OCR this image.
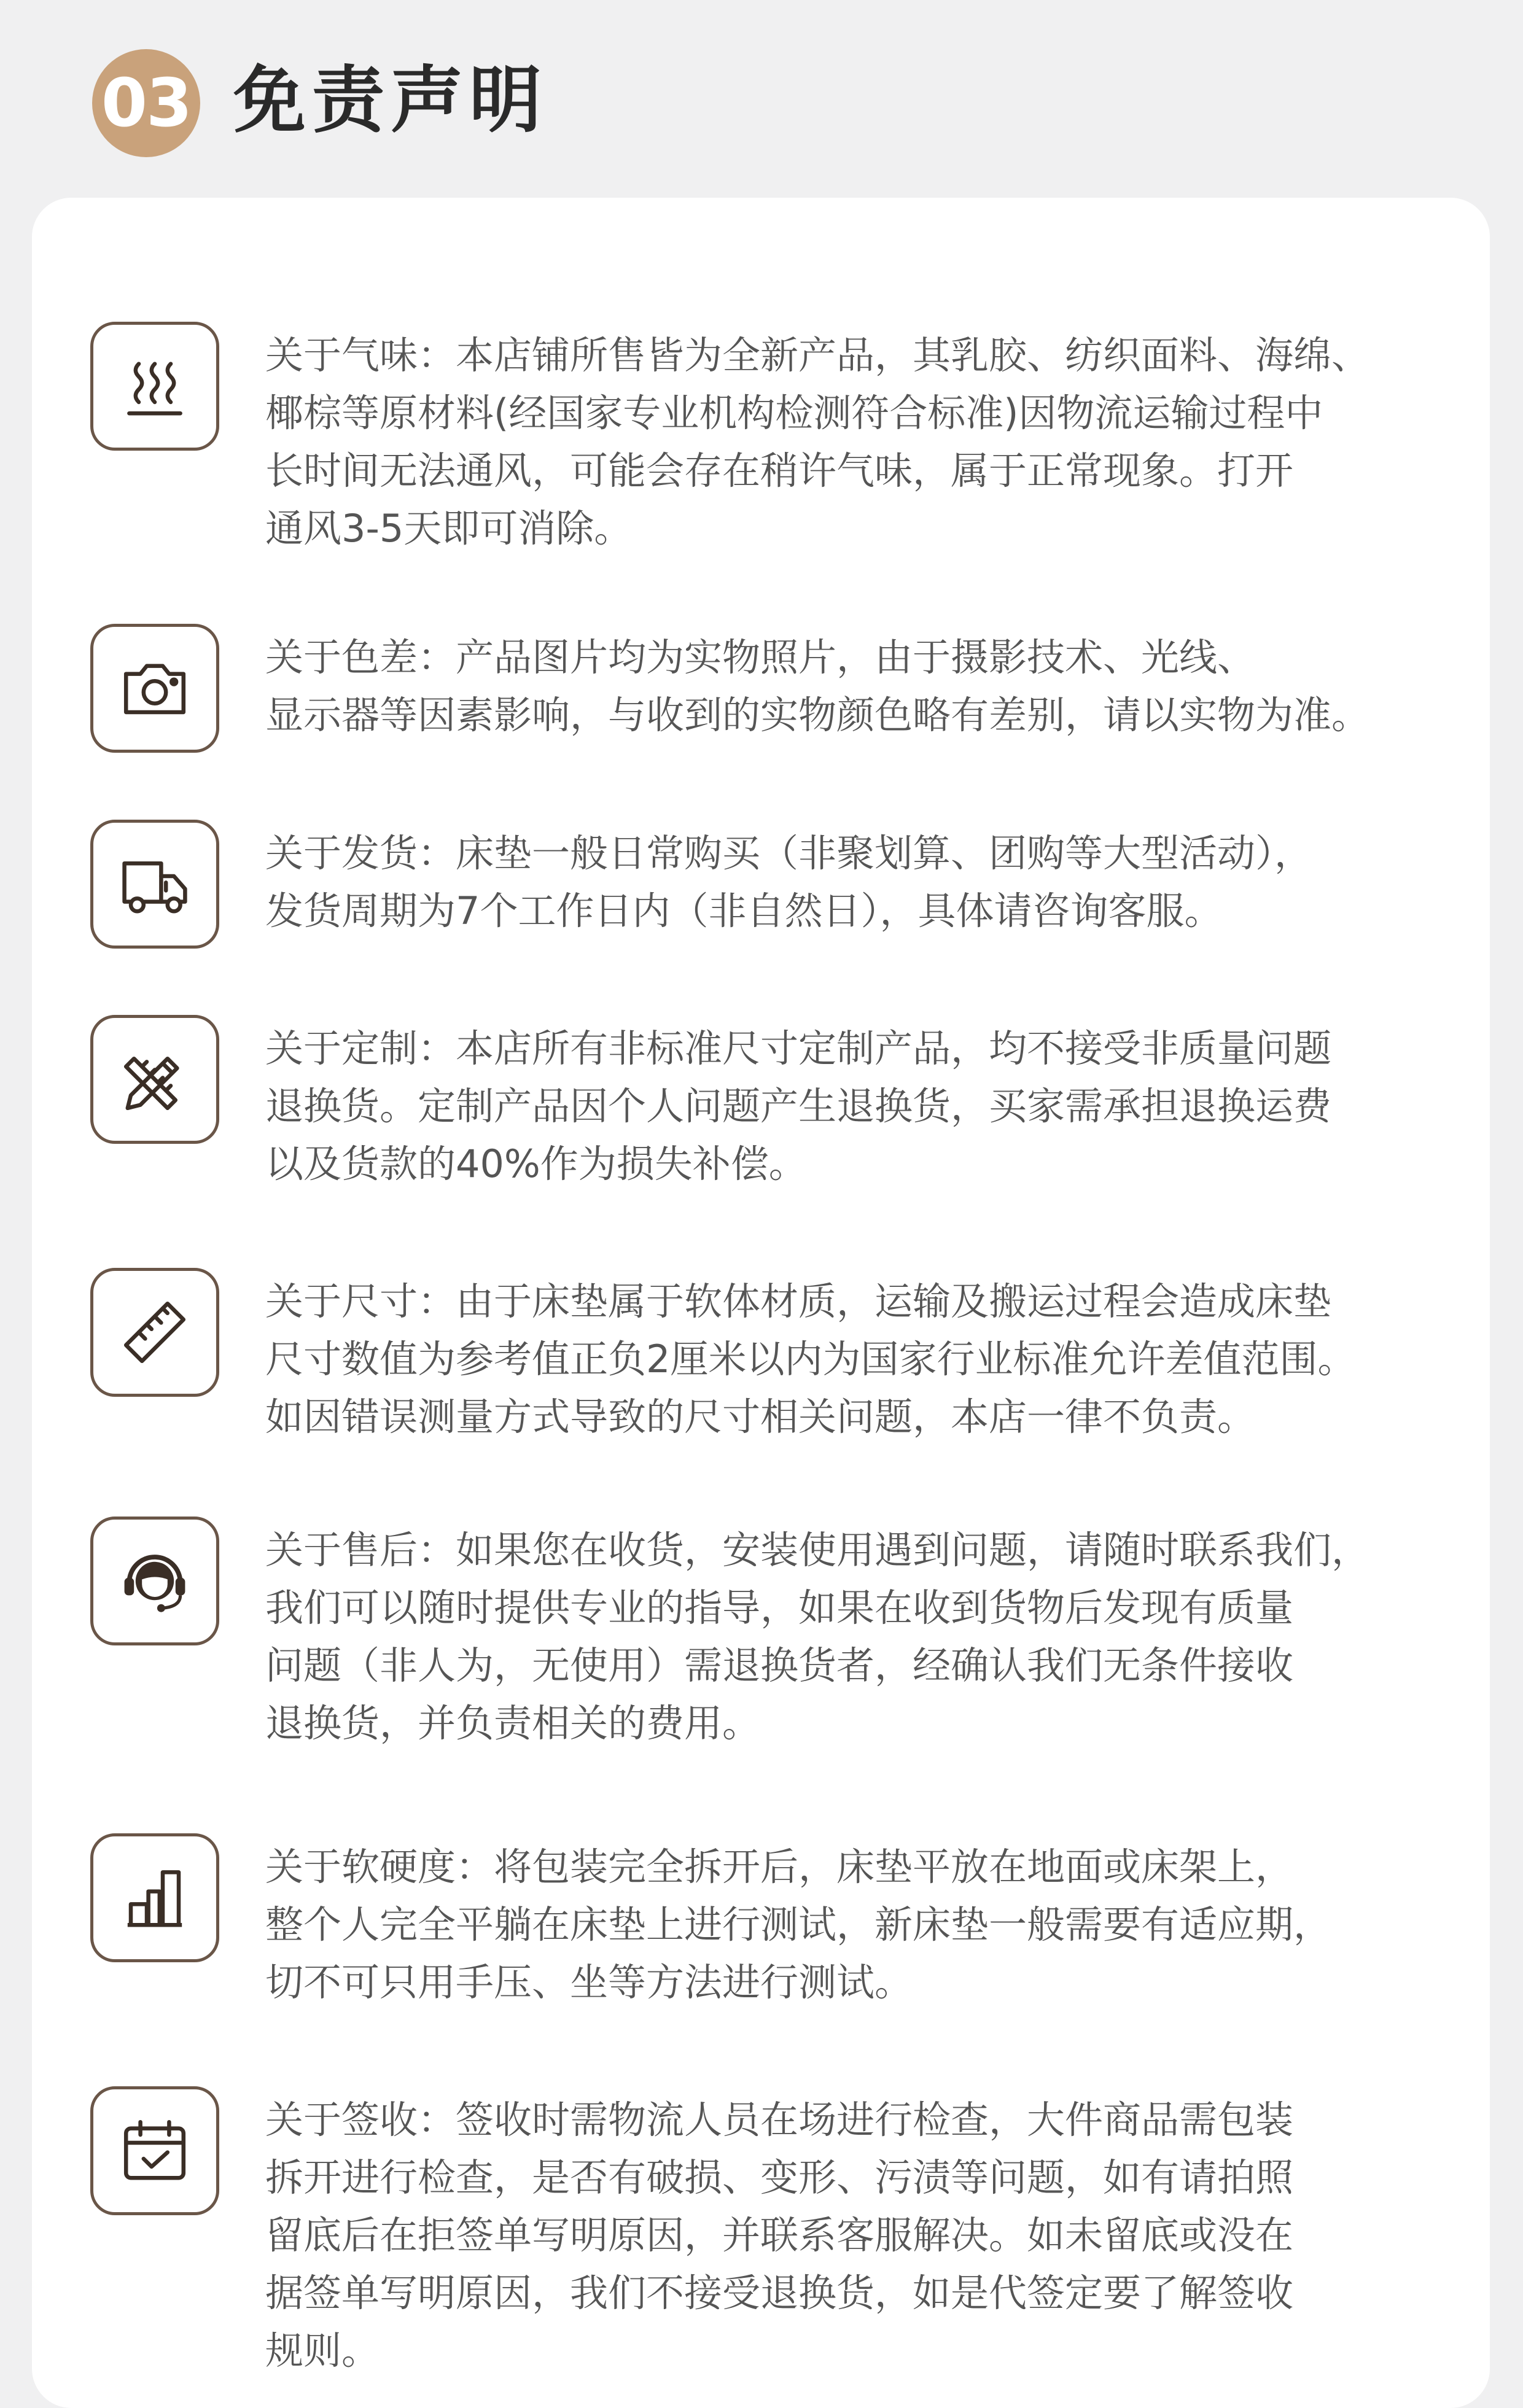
03 免责声明
关于气味：本店铺所售皆为全新产品，其乳胶、纺织面料、海绵、
椰棕等原材料(经国家专业机构检测符合标准)因物流运输过程中
长时间无法通风，可能会存在稍许气味，属于正常现象。打开
通风3-5天即可消除。
关于色差：产品图片均为实物照片，由于摄影技术、光线、
显示器等因素影响，与收到的实物颜色略有差别，请以实物为准。
关于发货：床垫一般日常购买（非聚划算、团购等大型活动），
发货周期为7个工作日内（非自然日），具体请咨询客服。
关于定制：本店所有非标准尺寸定制产品，均不接受非质量问题
退换货。定制产品因个人问题产生退换货，买家需承担退换运费
以及货款的40%作为损失补偿。
关于尺寸：由于床垫属于软体材质，运输及搬运过程会造成床垫
尺寸数值为参考值正负2厘米以内为国家行业标准允许差值范围。
如因错误测量方式导致的尺寸相关问题，本店一律不负责。
关于售后：如果您在收货，安装使用遇到问题，请随时联系我们，
我们可以随时提供专业的指导，如果在收到货物后发现有质量
问题（非人为，无使用）需退换货者，经确认我们无条件接收
退换货，并负责相关的费用。
关于软硬度：将包装完全拆开后，床垫平放在地面或床架上，
整个人完全平躺在床垫上进行测试，新床垫一般需要有适应期，
切不可只用手压、坐等方法进行测试。
关于签收：签收时需物流人员在场进行检查，大件商品需包装
拆开进行检查，是否有破损、变形、污渍等问题，如有请拍照
留底后在拒签单写明原因，并联系客服解决。如未留底或没在
据签单写明原因，我们不接受退换货，如是代签定要了解签收
规则。
